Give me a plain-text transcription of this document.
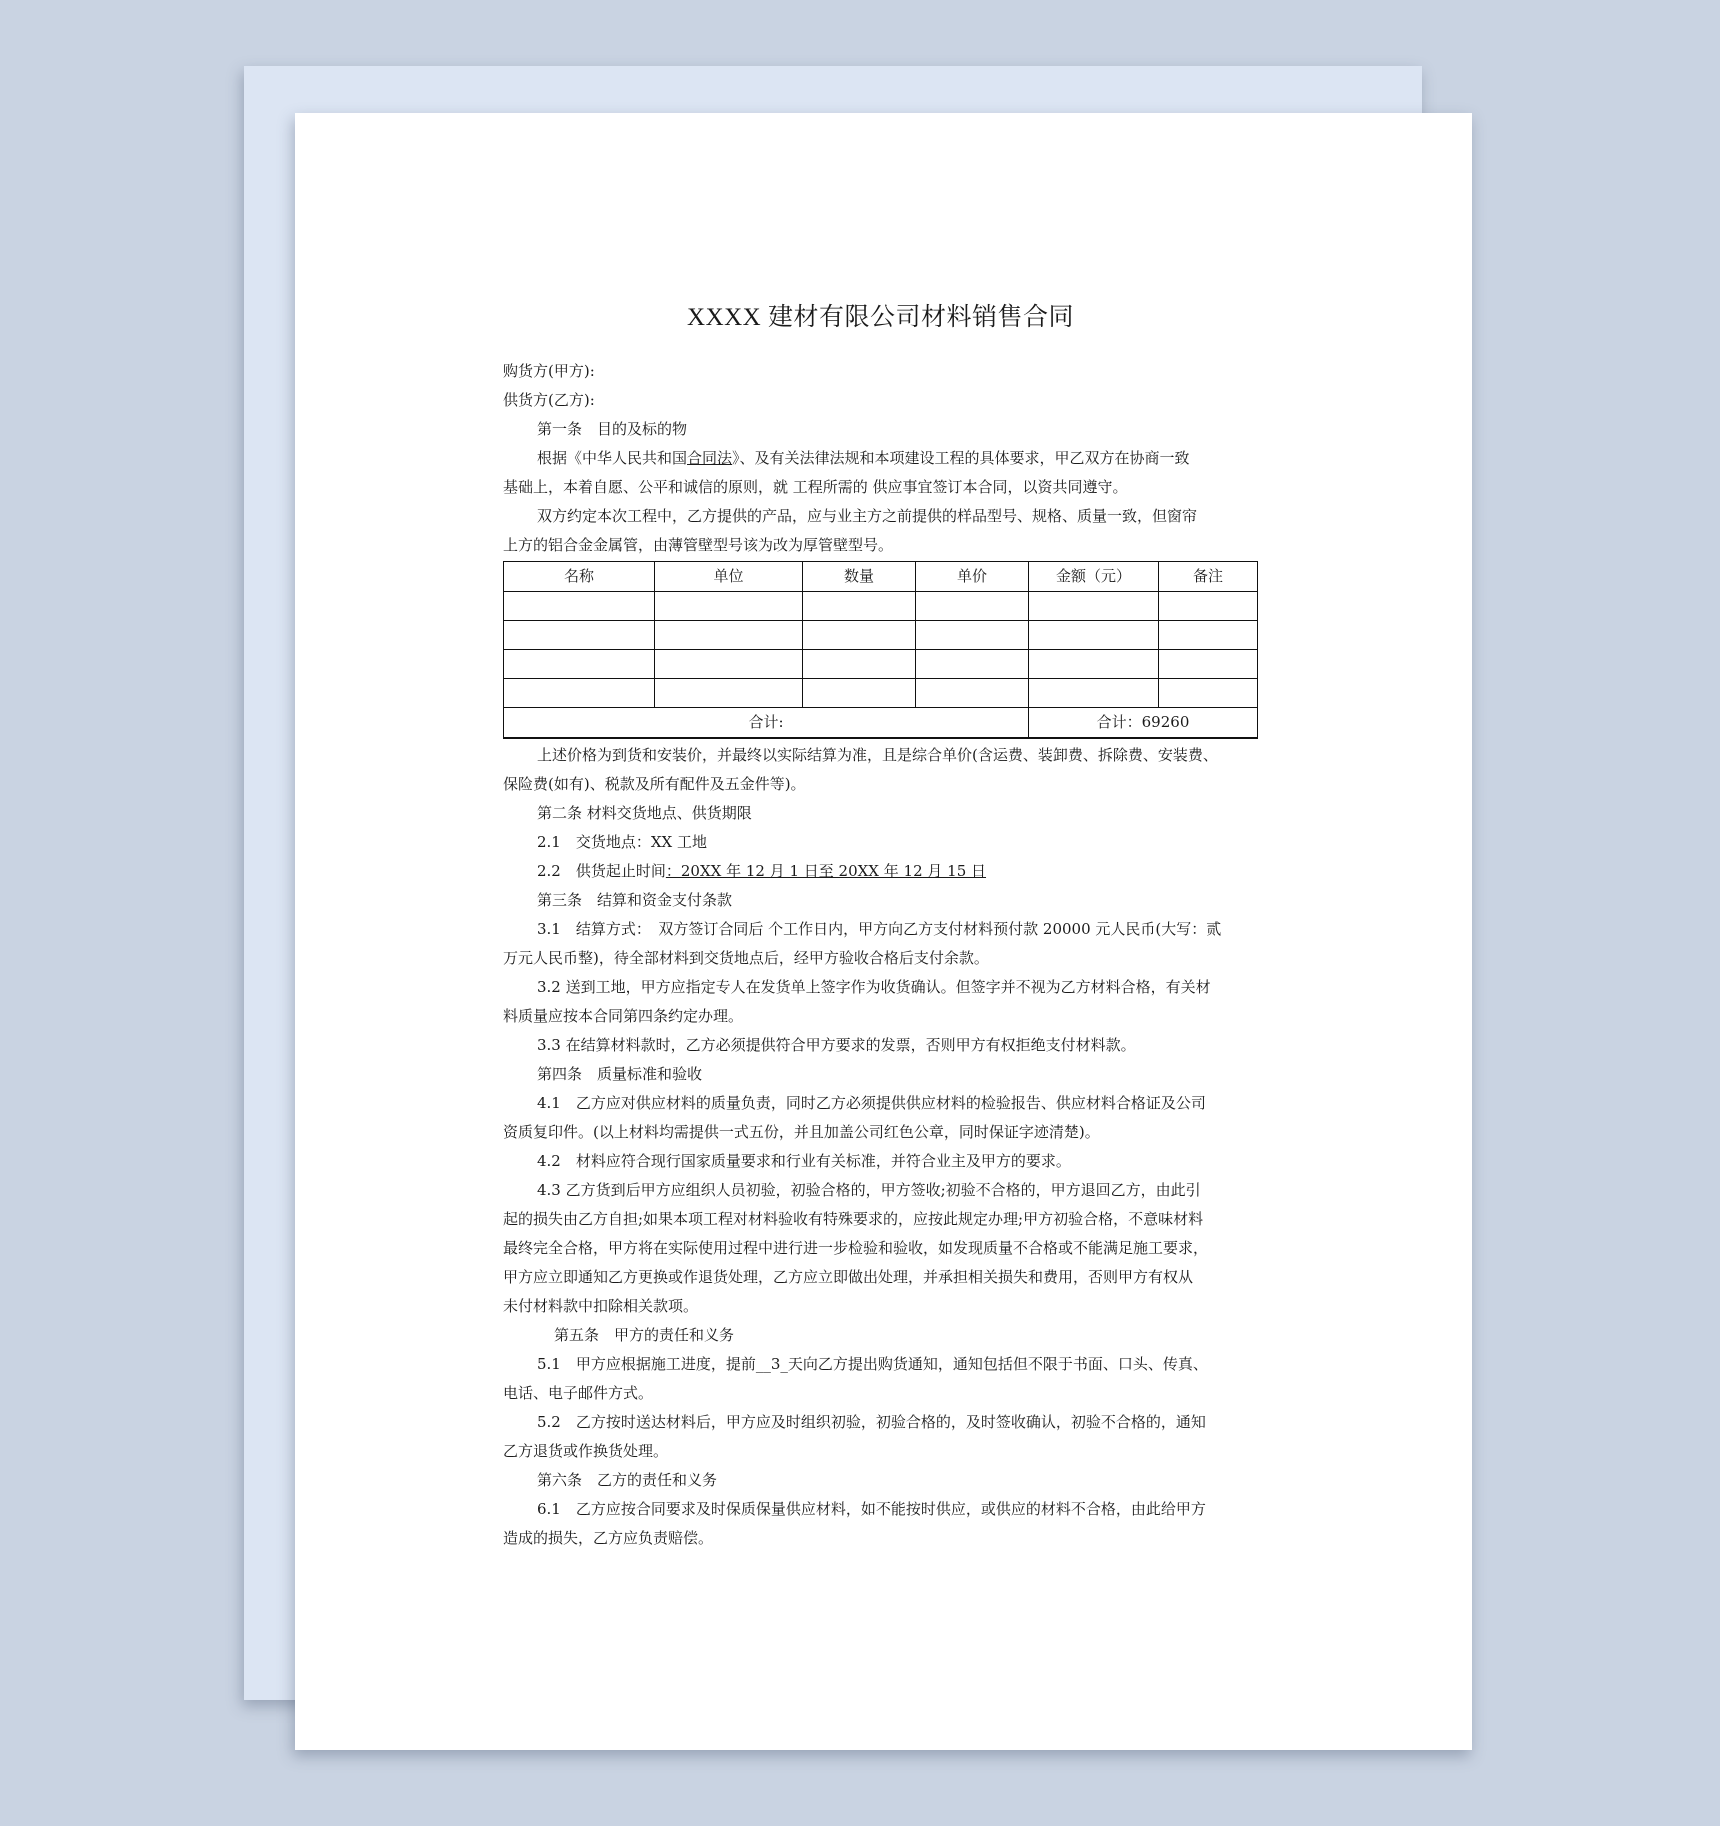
XXXX 建材有限公司材料销售合同
购货方(甲方):
供货方(乙方):
第一条　目的及标的物
根据《中华人民共和国合同法》、及有关法律法规和本项建设工程的具体要求，甲乙双方在协商一致
基础上，本着自愿、公平和诚信的原则，就 工程所需的 供应事宜签订本合同，以资共同遵守。
双方约定本次工程中，乙方提供的产品，应与业主方之前提供的样品型号、规格、质量一致，但窗帘
上方的铝合金金属管，由薄管壁型号该为改为厚管壁型号。
名称	单位	数量	单价	金额（元）	备注

合计:				合计：69260	
上述价格为到货和安装价，并最终以实际结算为准，且是综合单价(含运费、装卸费、拆除费、安装费、
保险费(如有)、税款及所有配件及五金件等)。
第二条 材料交货地点、供货期限
2.1　交货地点：XX 工地
2.2　供货起止时间：20XX 年 12 月 1 日至 20XX 年 12 月 15 日
第三条　结算和资金支付条款
3.1　结算方式：　双方签订合同后 个工作日内，甲方向乙方支付材料预付款 20000 元人民币(大写：贰
万元人民币整)，待全部材料到交货地点后，经甲方验收合格后支付余款。
3.2 送到工地，甲方应指定专人在发货单上签字作为收货确认。但签字并不视为乙方材料合格，有关材
料质量应按本合同第四条约定办理。
3.3 在结算材料款时，乙方必须提供符合甲方要求的发票，否则甲方有权拒绝支付材料款。
第四条　质量标准和验收
4.1　乙方应对供应材料的质量负责，同时乙方必须提供供应材料的检验报告、供应材料合格证及公司
资质复印件。(以上材料均需提供一式五份，并且加盖公司红色公章，同时保证字迹清楚)。
4.2　材料应符合现行国家质量要求和行业有关标准，并符合业主及甲方的要求。
4.3 乙方货到后甲方应组织人员初验，初验合格的，甲方签收;初验不合格的，甲方退回乙方，由此引
起的损失由乙方自担;如果本项工程对材料验收有特殊要求的，应按此规定办理;甲方初验合格，不意味材料
最终完全合格，甲方将在实际使用过程中进行进一步检验和验收，如发现质量不合格或不能满足施工要求，
甲方应立即通知乙方更换或作退货处理，乙方应立即做出处理，并承担相关损失和费用，否则甲方有权从
未付材料款中扣除相关款项。
第五条　甲方的责任和义务
5.1　甲方应根据施工进度，提前__3_天向乙方提出购货通知，通知包括但不限于书面、口头、传真、
电话、电子邮件方式。
5.2　乙方按时送达材料后，甲方应及时组织初验，初验合格的，及时签收确认，初验不合格的，通知
乙方退货或作换货处理。
第六条　乙方的责任和义务
6.1　乙方应按合同要求及时保质保量供应材料，如不能按时供应，或供应的材料不合格，由此给甲方
造成的损失，乙方应负责赔偿。
